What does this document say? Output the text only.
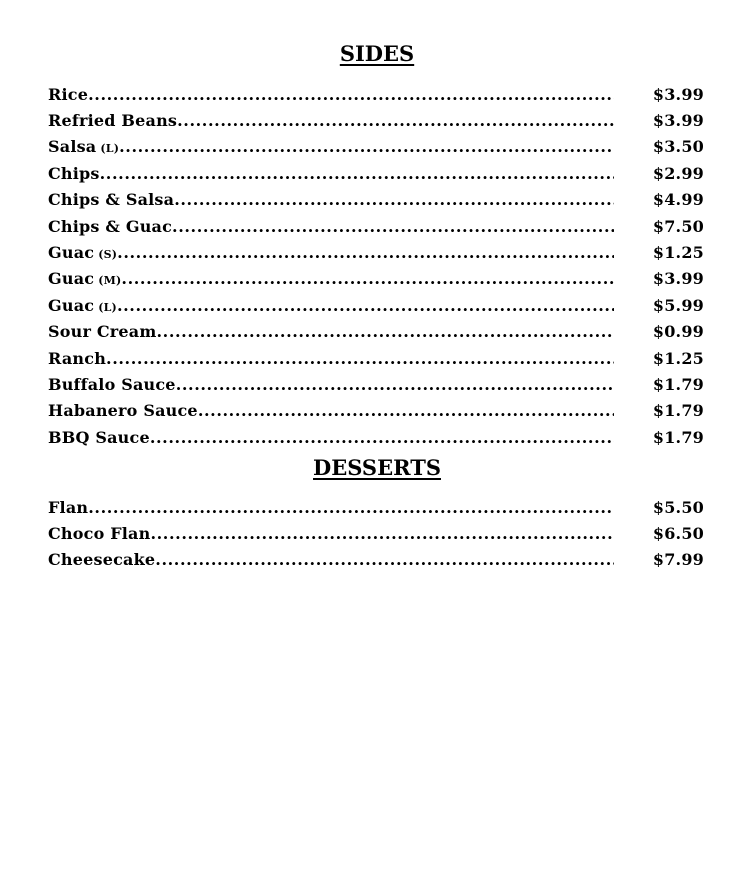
SIDES
Rice .....	$3.99
Refried Beans .....	$3.99
Salsa (L) .....	$3.50
Chips .....	$2.99
Chips & Salsa .....	$4.99
Chips & Guac .....	$7.50
Guac (S) .....	$1.25
Guac (M) .....	$3.99
Guac (L) .....	$5.99
Sour Cream .....	$0.99
Ranch .....	$1.25
Buffalo Sauce .....	$1.79
Habanero Sauce .....	$1.79
BBQ Sauce .....	$1.79
DESSERTS
Flan .....	$5.50
Choco Flan .....	$6.50
Cheesecake .....	$7.99
